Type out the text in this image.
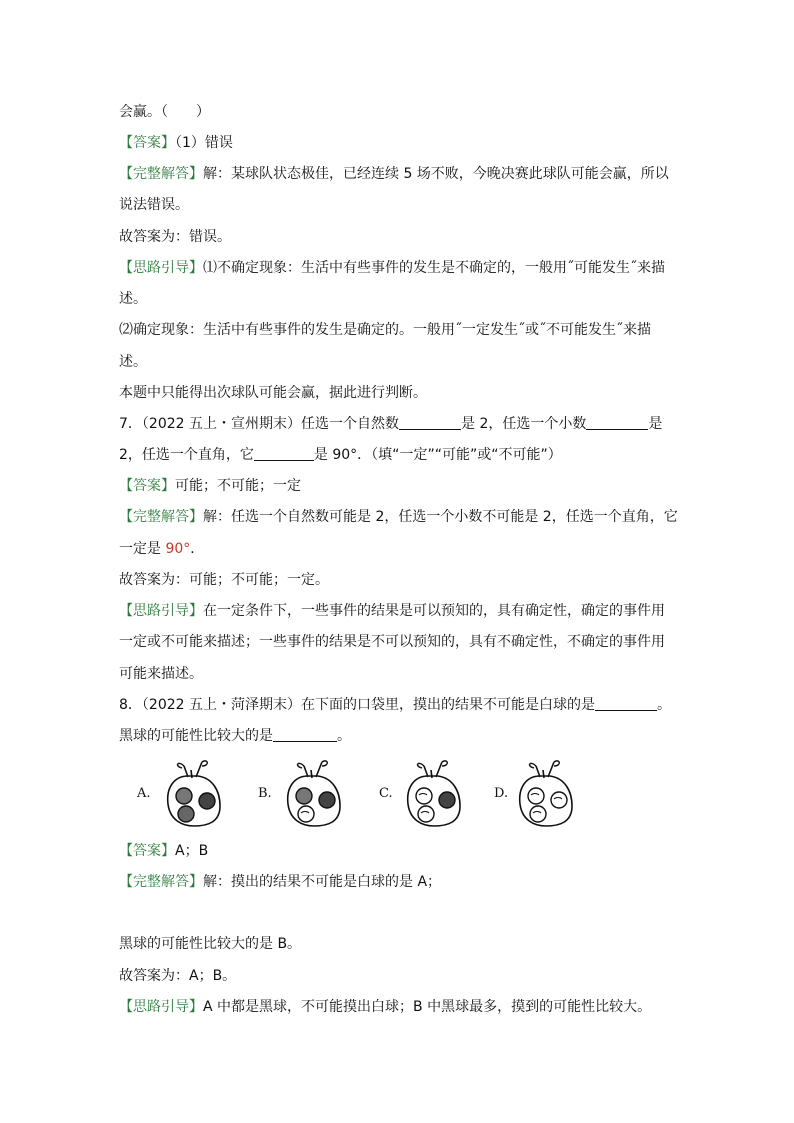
会赢。（　　）
【答案】（1）错误
【完整解答】解：某球队状态极佳，已经连续 5 场不败，今晚决赛此球队可能会赢，所以
说法错误。
故答案为：错误。
【思路引导】⑴不确定现象：生活中有些事件的发生是不确定的，一般用˝可能发生˝来描
述。
⑵确定现象：生活中有些事件的发生是确定的。一般用˝一定发生˝或˝不可能发生˝来描
述。
本题中只能得出次球队可能会赢，据此进行判断。
7．（2022 五上・宣州期末）任选一个自然数	是 2，任选一个小数	是
2，任选一个直角，它	是 90°．（填“一定”“可能”或“不可能”）
【答案】可能；不可能；一定
【完整解答】解：任选一个自然数可能是 2，任选一个小数不可能是 2，任选一个直角，它
一定是 90°．
故答案为：可能；不可能；一定。
【思路引导】在一定条件下，一些事件的结果是可以预知的，具有确定性，确定的事件用
一定或不可能来描述；一些事件的结果是不可以预知的，具有不确定性，不确定的事件用
可能来描述。
8．（2022 五上・菏泽期末）在下面的口袋里，摸出的结果不可能是白球的是	。
黑球的可能性比较大的是	。
A.	B.	C.	D.
【答案】A；B
【完整解答】解：摸出的结果不可能是白球的是 A；
黑球的可能性比较大的是 B。
故答案为：A；B。
【思路引导】A 中都是黑球，不可能摸出白球；B 中黑球最多，摸到的可能性比较大。
